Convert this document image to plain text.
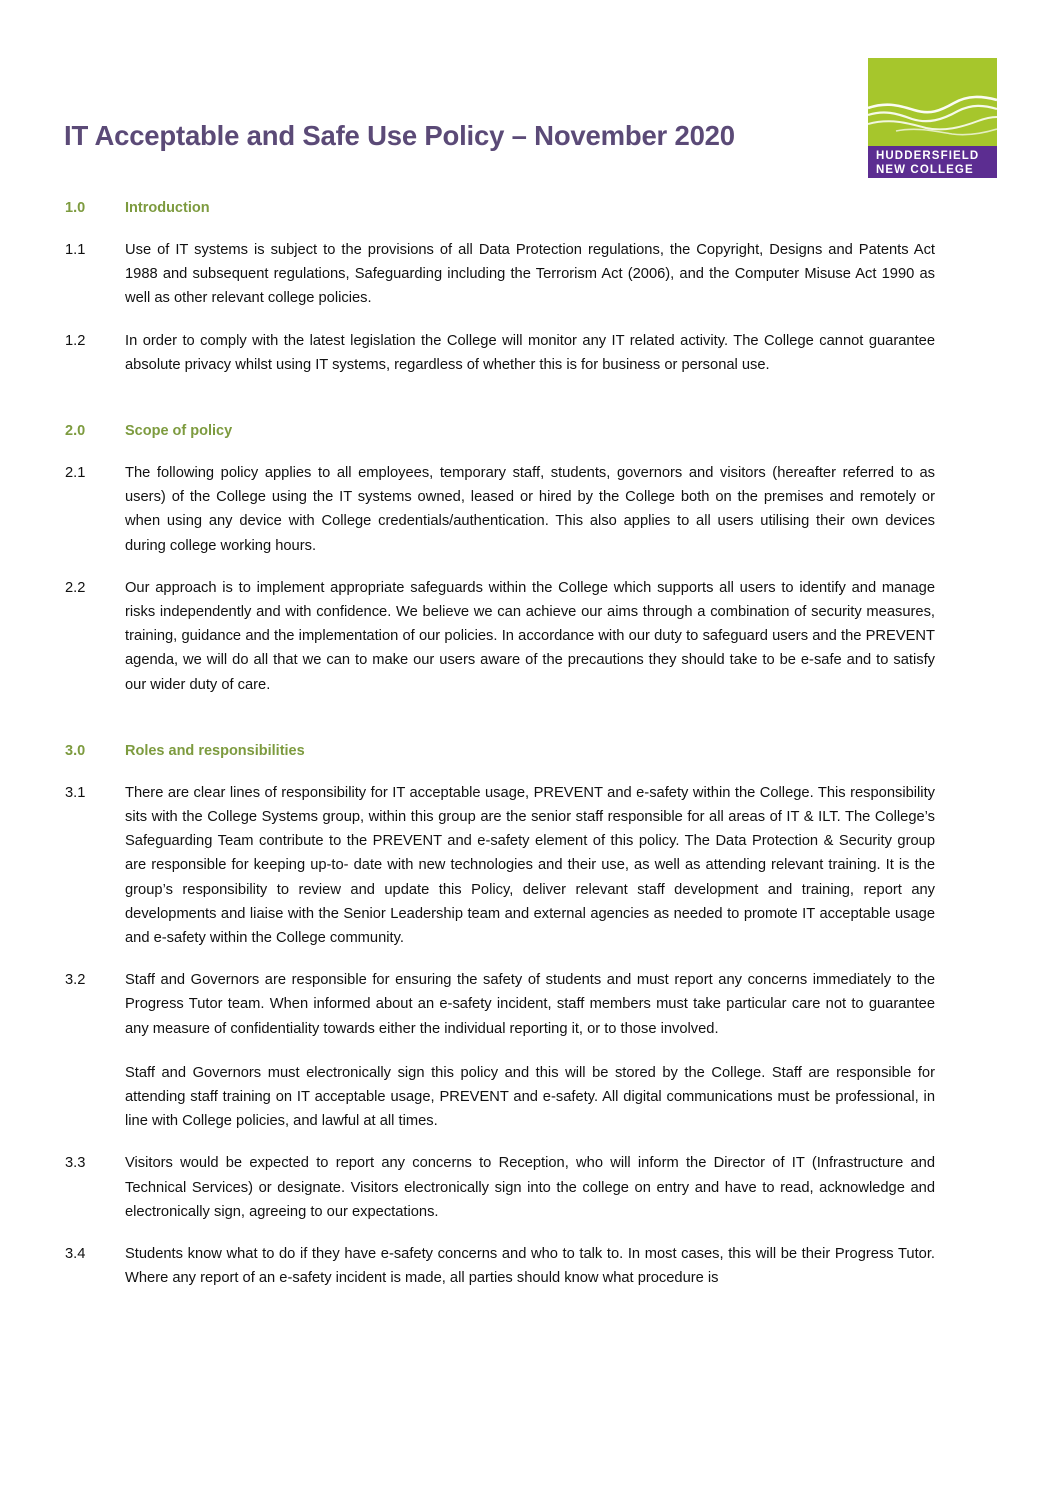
IT Acceptable and Safe Use Policy – November 2020
HUDDERSFIELD
NEW COLLEGE
1.0	Introduction
1.1	Use of IT systems is subject to the provisions of all Data Protection regulations, the Copyright, Designs and Patents Act 1988 and subsequent regulations, Safeguarding including the Terrorism Act (2006), and the Computer Misuse Act 1990 as well as other relevant college policies.
1.2	In order to comply with the latest legislation the College will monitor any IT related activity. The College cannot guarantee absolute privacy whilst using IT systems, regardless of whether this is for business or personal use.
2.0	Scope of policy
2.1	The following policy applies to all employees, temporary staff, students, governors and visitors (hereafter referred to as users) of the College using the IT systems owned, leased or hired by the College both on the premises and remotely or when using any device with College credentials/authentication. This also applies to all users utilising their own devices during college working hours.
2.2	Our approach is to implement appropriate safeguards within the College which supports all users to identify and manage risks independently and with confidence. We believe we can achieve our aims through a combination of security measures, training, guidance and the implementation of our policies. In accordance with our duty to safeguard users and the PREVENT agenda, we will do all that we can to make our users aware of the precautions they should take to be e-safe and to satisfy our wider duty of care.
3.0	Roles and responsibilities
3.1	There are clear lines of responsibility for IT acceptable usage, PREVENT and e-safety within the College. This responsibility sits with the College Systems group, within this group are the senior staff responsible for all areas of IT & ILT. The College’s Safeguarding Team contribute to the PREVENT and e-safety element of this policy. The Data Protection & Security group are responsible for keeping up-to- date with new technologies and their use, as well as attending relevant training. It is the group’s responsibility to review and update this Policy, deliver relevant staff development and training, report any developments and liaise with the Senior Leadership team and external agencies as needed to promote IT acceptable usage and e-safety within the College community.
3.2	Staff and Governors are responsible for ensuring the safety of students and must report any concerns immediately to the Progress Tutor team. When informed about an e-safety incident, staff members must take particular care not to guarantee any measure of confidentiality towards either the individual reporting it, or to those involved.
Staff and Governors must electronically sign this policy and this will be stored by the College. Staff are responsible for attending staff training on IT acceptable usage, PREVENT and e-safety. All digital communications must be professional, in line with College policies, and lawful at all times.
3.3	Visitors would be expected to report any concerns to Reception, who will inform the Director of IT (Infrastructure and Technical Services) or designate. Visitors electronically sign into the college on entry and have to read, acknowledge and electronically sign, agreeing to our expectations.
3.4	Students know what to do if they have e-safety concerns and who to talk to. In most cases, this will be their Progress Tutor. Where any report of an e-safety incident is made, all parties should know what procedure is
